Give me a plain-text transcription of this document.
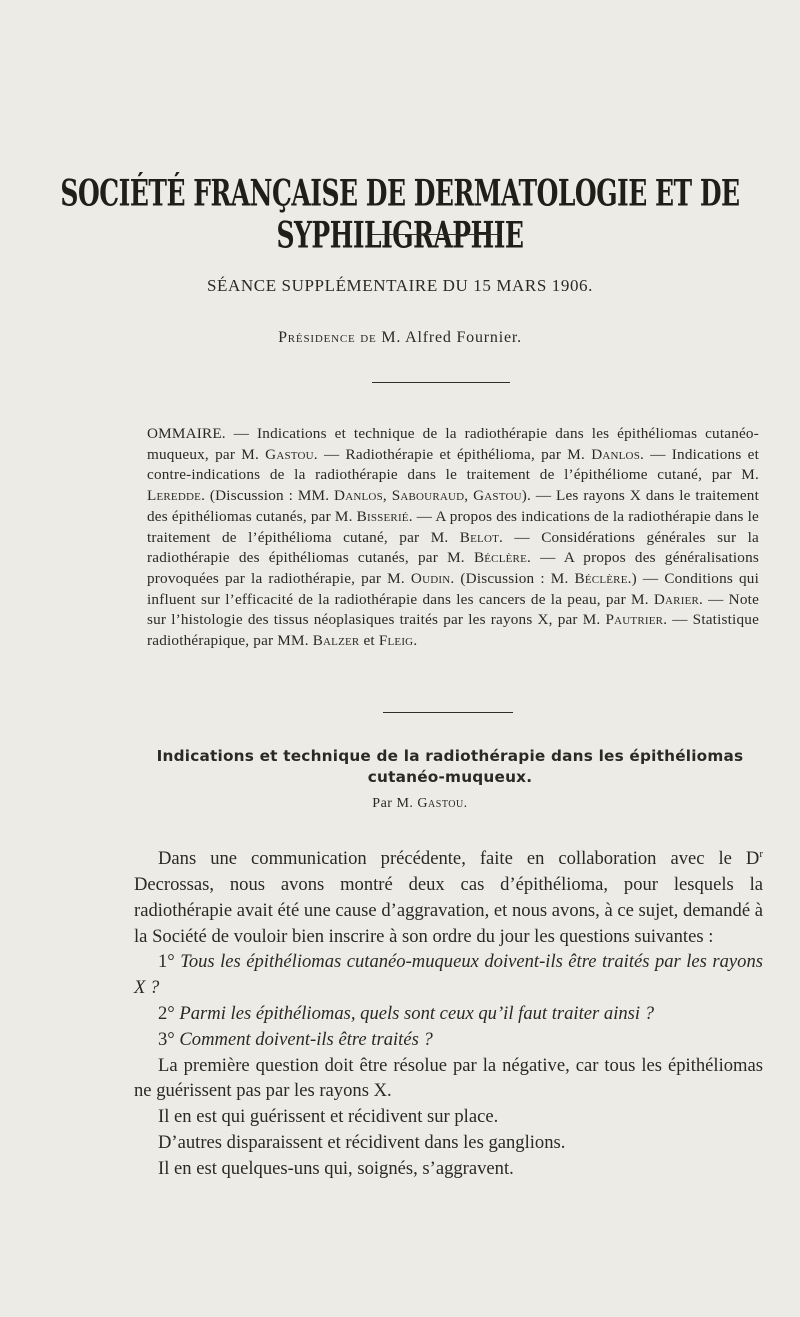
SOCIÉTÉ FRANÇAISE DE DERMATOLOGIE ET DE SYPHILIGRAPHIE
SÉANCE SUPPLÉMENTAIRE DU 15 MARS 1906.
Présidence de M. Alfred Fournier.
OMMAIRE. — Indications et technique de la radiothérapie dans les épithéliomas cutanéo-muqueux, par M. Gastou. — Radiothérapie et épithélioma, par M. Danlos. — Indications et contre-indications de la radiothérapie dans le traitement de l’épithéliome cutané, par M. Leredde. (Discussion : MM. Danlos, Sabouraud, Gastou). — Les rayons X dans le traitement des épithéliomas cutanés, par M. Bisserié. — A propos des indications de la radiothérapie dans le traitement de l’épithélioma cutané, par M. Belot. — Considérations générales sur la radiothérapie des épithéliomas cutanés, par M. Béclère. — A propos des généralisations provoquées par la radiothérapie, par M. Oudin. (Discussion : M. Béclère.) — Conditions qui influent sur l’efficacité de la radiothérapie dans les cancers de la peau, par M. Darier. — Note sur l’histologie des tissus néoplasiques traités par les rayons X, par M. Pautrier. — Statistique radiothérapique, par MM. Balzer et Fleig.
Indications et technique de la radiothérapie dans les épithéliomas cutanéo-muqueux.
Par M. Gastou.

Dans une communication précédente, faite en collaboration avec le $D^r$ Decrossas, nous avons montré deux cas d’épithélioma, pour lesquels la radiothérapie avait été une cause d’aggravation, et nous avons, à ce sujet, demandé à la Société de vouloir bien inscrire à son ordre du jour les questions suivantes :

1° Tous les épithéliomas cutanéo-muqueux doivent-ils être traités par les rayons X ?

2° Parmi les épithéliomas, quels sont ceux qu’il faut traiter ainsi ?

3° Comment doivent-ils être traités ?

La première question doit être résolue par la négative, car tous les épithéliomas ne guérissent pas par les rayons X.

Il en est qui guérissent et récidivent sur place.

D’autres disparaissent et récidivent dans les ganglions.

Il en est quelques-uns qui, soignés, s’aggravent.
